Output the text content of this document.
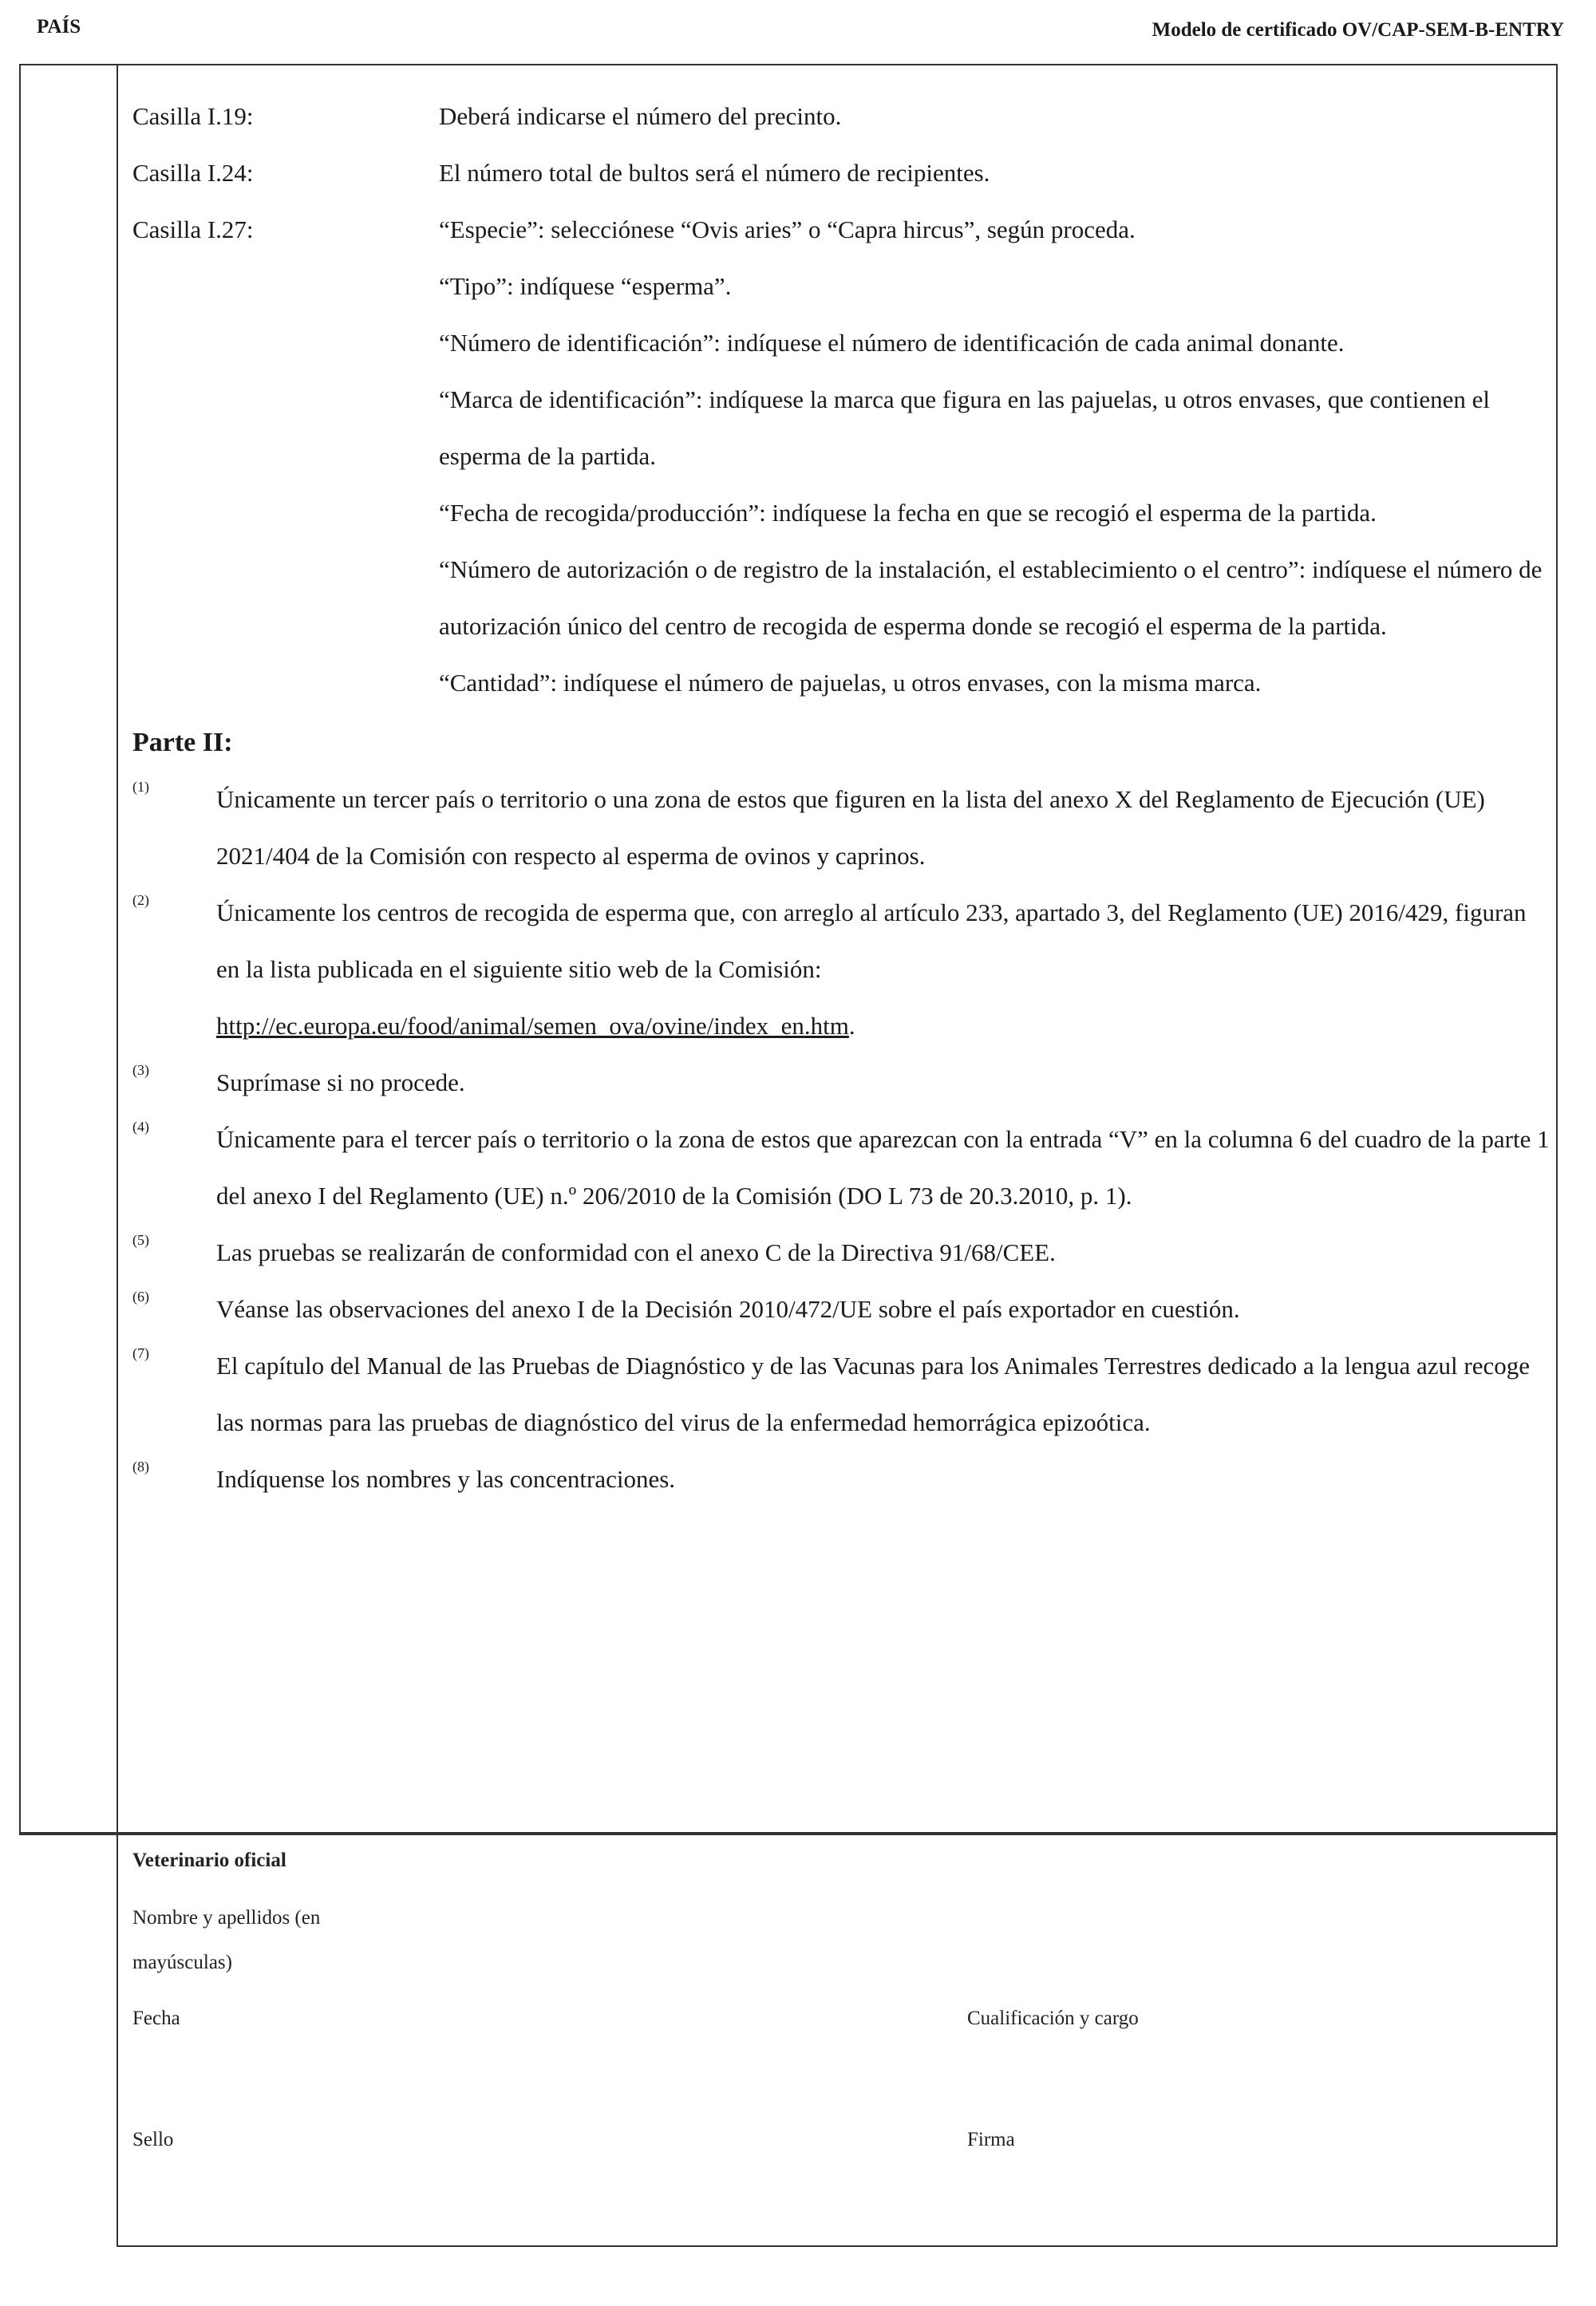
PAÍS	Modelo de certificado OV/CAP-SEM-B-ENTRY
Casilla I.19:	Deberá indicarse el número del precinto.

Casilla I.24:	El número total de bultos será el número de recipientes.

Casilla I.27:	“Especie”: selecciónese “Ovis aries” o “Capra hircus”, según proceda.

“Tipo”: indíquese “esperma”.

“Número de identificación”: indíquese el número de identificación de cada animal donante.

“Marca de identificación”: indíquese la marca que figura en las pajuelas, u otros envases, que contienen el esperma de la partida.

“Fecha de recogida/producción”: indíquese la fecha en que se recogió el esperma de la partida.

“Número de autorización o de registro de la instalación, el establecimiento o el centro”: indíquese el número de autorización único del centro de recogida de esperma donde se recogió el esperma de la partida.

“Cantidad”: indíquese el número de pajuelas, u otros envases, con la misma marca.

Parte II:
(1)	Únicamente un tercer país o territorio o una zona de estos que figuren en la lista del anexo X del Reglamento de Ejecución (UE) 2021/404 de la Comisión con respecto al esperma de ovinos y caprinos.
(2)	Únicamente los centros de recogida de esperma que, con arreglo al artículo 233, apartado 3, del Reglamento (UE) 2016/429, figuran en la lista publicada en el siguiente sitio web de la Comisión:
http://ec.europa.eu/food/animal/semen_ova/ovine/index_en.htm.
(3)	Suprímase si no procede.
(4)	Únicamente para el tercer país o territorio o la zona de estos que aparezcan con la entrada “V” en la columna 6 del cuadro de la parte 1 del anexo I del Reglamento (UE) n.º 206/2010 de la Comisión (DO L 73 de 20.3.2010, p. 1).
(5)	Las pruebas se realizarán de conformidad con el anexo C de la Directiva 91/68/CEE.
(6)	Véanse las observaciones del anexo I de la Decisión 2010/472/UE sobre el país exportador en cuestión.
(7)	El capítulo del Manual de las Pruebas de Diagnóstico y de las Vacunas para los Animales Terrestres dedicado a la lengua azul recoge las normas para las pruebas de diagnóstico del virus de la enfermedad hemorrágica epizoótica.
(8)	Indíquense los nombres y las concentraciones.
Veterinario oficial
Nombre y apellidos (en mayúsculas)
Fecha	Cualificación y cargo
Sello	Firma
